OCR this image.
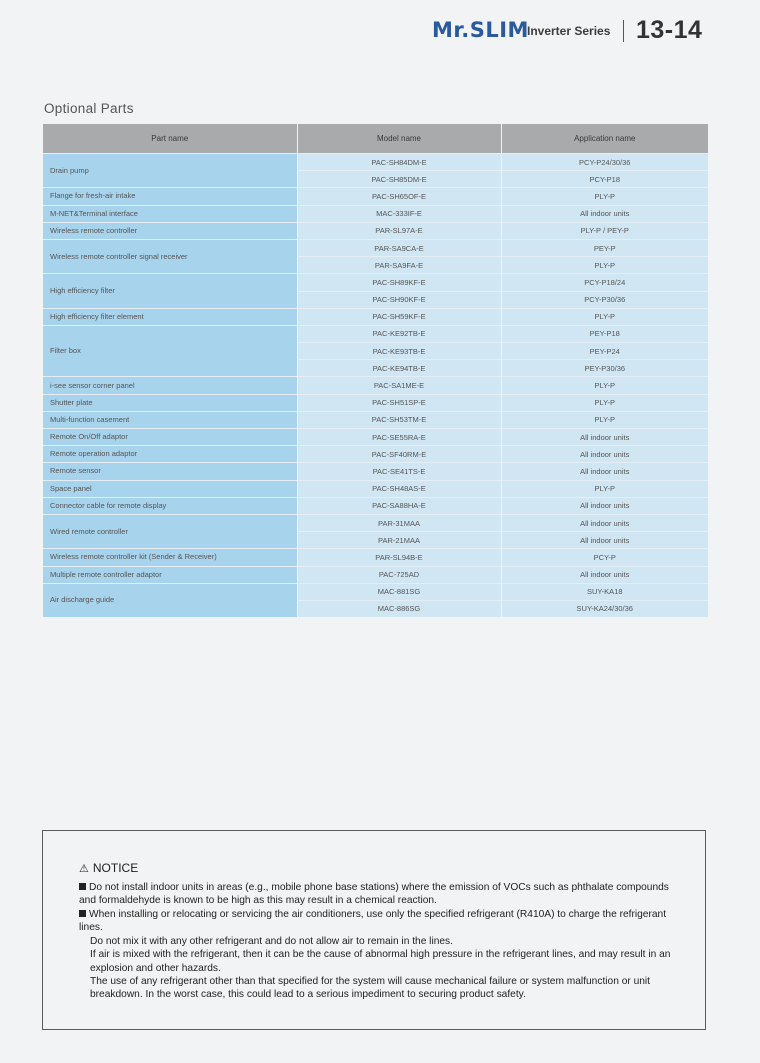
Mr.SLIM
Inverter Series 13-14
Optional Parts
Part name	Model name	Application name
Drain pump	PAC-SH84DM-E	PCY-P24/30/36
	PAC-SH85DM-E	PCY-P18
Flange for fresh-air intake	PAC-SH65OF-E	PLY-P
M-NET&Terminal interface	MAC-333IF-E	All indoor units
Wireless remote controller	PAR-SL97A-E	PLY-P / PEY-P
Wireless remote controller signal receiver	PAR-SA9CA-E	PEY-P
	PAR-SA9FA-E	PLY-P
High efficiency filter	PAC-SH89KF-E	PCY-P18/24
	PAC-SH90KF-E	PCY-P30/36
High efficiency filter element	PAC-SH59KF-E	PLY-P
Filter box	PAC-KE92TB-E	PEY-P18
	PAC-KE93TB-E	PEY-P24
	PAC-KE94TB-E	PEY-P30/36
i-see sensor corner panel	PAC-SA1ME-E	PLY-P
Shutter plate	PAC-SH51SP-E	PLY-P
Multi-function casement	PAC-SH53TM-E	PLY-P
Remote On/Off adaptor	PAC-SE55RA-E	All indoor units
Remote operation adaptor	PAC-SF40RM-E	All indoor units
Remote sensor	PAC-SE41TS-E	All indoor units
Space panel	PAC-SH48AS-E	PLY-P
Connector cable for remote display	PAC-SA88HA-E	All indoor units
Wired remote controller	PAR-31MAA	All indoor units
	PAR-21MAA	All indoor units
Wireless remote controller kit (Sender & Receiver)	PAR-SL94B-E	PCY-P
Multiple remote controller adaptor	PAC-725AD	All indoor units
Air discharge guide	MAC-881SG	SUY-KA18
	MAC-886SG	SUY-KA24/30/36
⚠ NOTICE

Do not install indoor units in areas (e.g., mobile phone base stations) where the emission of VOCs such as phthalate compounds and formaldehyde is known to be high as this may result in a chemical reaction.

When installing or relocating or servicing the air conditioners, use only the specified refrigerant (R410A) to charge the refrigerant lines.

Do not mix it with any other refrigerant and do not allow air to remain in the lines.

If air is mixed with the refrigerant, then it can be the cause of abnormal high pressure in the refrigerant lines, and may result in an explosion and other hazards.

The use of any refrigerant other than that specified for the system will cause mechanical failure or system malfunction or unit breakdown. In the worst case, this could lead to a serious impediment to securing product safety.
